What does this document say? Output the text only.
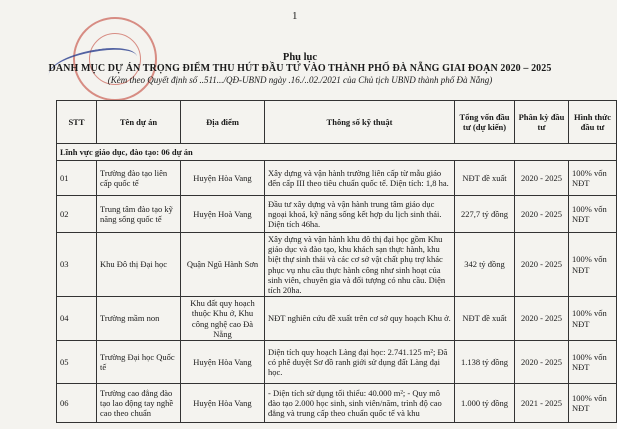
1
Phụ lục
DANH MỤC DỰ ÁN TRỌNG ĐIỂM THU HÚT ĐẦU TƯ VÀO THÀNH PHỐ ĐÀ NẴNG GIAI ĐOẠN 2020 – 2025
(Kèm theo Quyết định số ..511.../QĐ-UBND ngày .16./..02./2021 của Chủ tịch UBND thành phố Đà Nẵng)
STT	Tên dự án	Địa điểm	Thông số kỹ thuật	Tổng vốn đầu tư (dự kiến)	Phân kỳ đầu tư	Hình thức đầu tư
Lĩnh vực giáo dục, đào tạo: 06 dự án						
01	Trường đào tạo liên cấp quốc tế	Huyện Hòa Vang	Xây dựng và vận hành trường liên cấp từ mẫu giáo đến cấp III theo tiêu chuẩn quốc tế. Diện tích: 1,8 ha.	NĐT đề xuất	2020 - 2025	100% vốn NĐT
02	Trung tâm đào tạo kỹ năng sống quốc tế	Huyện Hoà Vang	Đầu tư xây dựng và vận hành trung tâm giáo dục ngoại khoá, kỹ năng sống kết hợp du lịch sinh thái. Diện tích 46ha.	227,7 tỷ đồng	2020 - 2025	100% vốn NĐT
03	Khu Đô thị Đại học	Quận Ngũ Hành Sơn	Xây dựng và vận hành khu đô thị đại học gồm Khu giáo dục và đào tạo, khu khách sạn thực hành, khu biệt thự sinh thái và các cơ sở vật chất phụ trợ khác phục vụ nhu cầu thực hành công như sinh hoạt của sinh viên, chuyên gia và đối tượng có nhu cầu. Diện tích 20ha.	342 tỷ đồng	2020 - 2025	100% vốn NĐT
04	Trường mầm non	Khu đất quy hoạch thuộc Khu ở, Khu công nghệ cao Đà Nẵng	NĐT nghiên cứu đề xuất trên cơ sở quy hoạch Khu ở.	NĐT đề xuất	2020 - 2025	100% vốn NĐT
05	Trường Đại học Quốc tế	Huyện Hòa Vang	Diện tích quy hoạch Làng đại học: 2.741.125 m²; Đã có phê duyệt Sơ đồ ranh giới sử dụng đất Làng đại học.	1.138 tỷ đồng	2020 - 2025	100% vốn NĐT
06	Trường cao đẳng đào tạo lao động tay nghề cao theo chuẩn	Huyện Hòa Vang	- Diện tích sử dụng tối thiểu: 40.000 m²; - Quy mô đào tạo 2.000 học sinh, sinh viên/năm, trình độ cao đẳng và trung cấp theo chuẩn quốc tế và khu	1.000 tỷ đồng	2021 - 2025	100% vốn NĐT
